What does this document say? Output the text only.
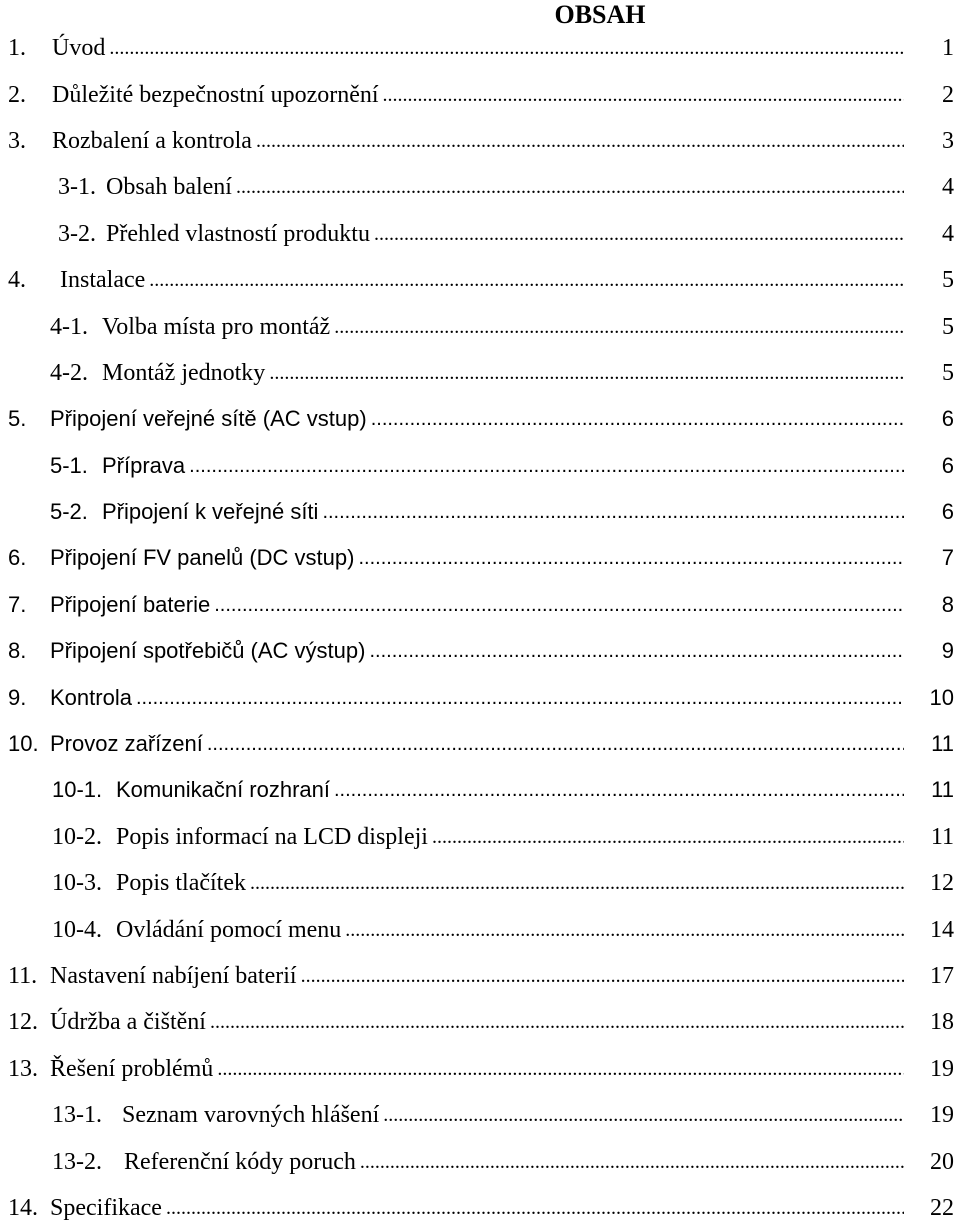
OBSAH
1.	Úvod .....	1
2.	Důležité bezpečnostní upozornění .....	2
3.	Rozbalení a kontrola .....	3
3-1. Obsah balení .....	4
3-2. Přehled vlastností produktu .....	4
4.	Instalace .....	5
4-1. Volba místa pro montáž .....	5
4-2. Montáž jednotky .....	5
5.	Připojení veřejné sítě (AC vstup) .....	6
5-1. Příprava .....	6
5-2. Připojení k veřejné síti .....	6
6.	Připojení FV panelů (DC vstup) .....	7
7.	Připojení baterie .....	8
8.	Připojení spotřebičů (AC výstup) .....	9
9.	Kontrola .....	10
10. Provoz zařízení .....	11
10-1. Komunikační rozhraní .....	11
10-2. Popis informací na LCD displeji .....	11
10-3. Popis tlačítek .....	12
10-4. Ovládání pomocí menu .....	14
11. Nastavení nabíjení baterií .....	17
12. Údržba a čištění .....	18
13. Řešení problémů .....	19
13-1. Seznam varovných hlášení .....	19
13-2. Referenční kódy poruch .....	20
14. Specifikace .....	22
